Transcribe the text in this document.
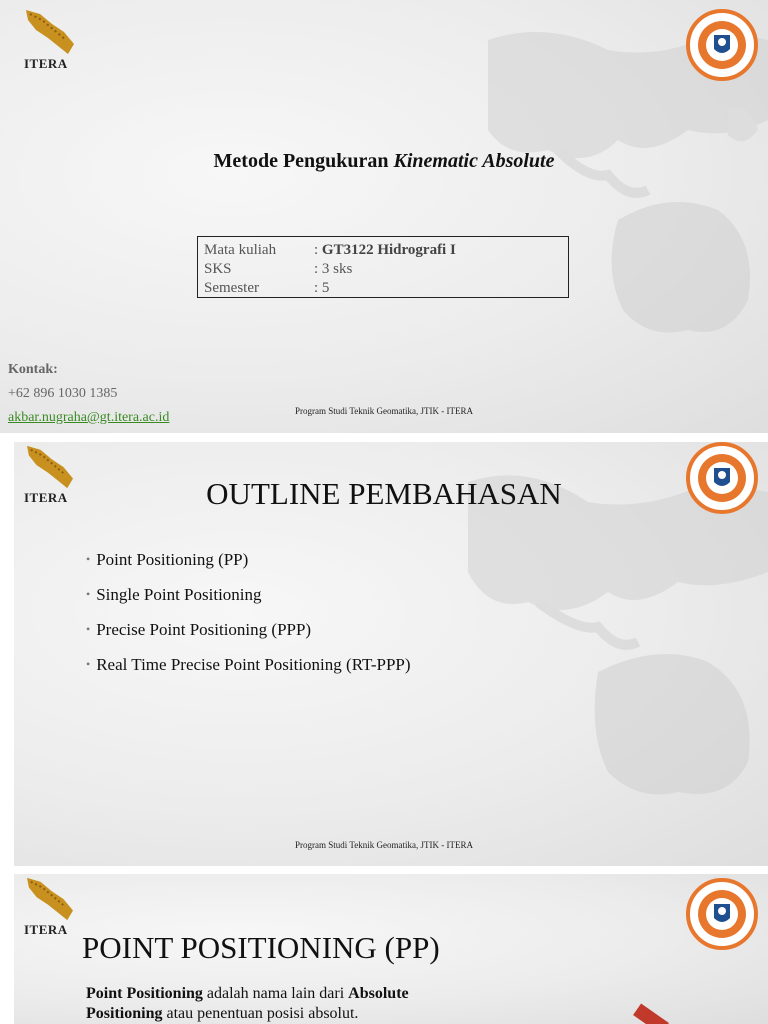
ITERA
Metode Pengukuran Kinematic Absolute
Mata kuliah	: GT3122 Hidrografi I
SKS	: 3 sks
Semester	: 5
Kontak:
+62 896 1030 1385
akbar.nugraha@gt.itera.ac.id	Program Studi Teknik Geomatika, JTIK - ITERA
ITERA	OUTLINE PEMBAHASAN
• Point Positioning (PP)
• Single Point Positioning
• Precise Point Positioning (PPP)
• Real Time Precise Point Positioning (RT-PPP)
Program Studi Teknik Geomatika, JTIK - ITERA
ITERA
POINT POSITIONING (PP)
Point Positioning adalah nama lain dari Absolute Positioning atau penentuan posisi absolut.
